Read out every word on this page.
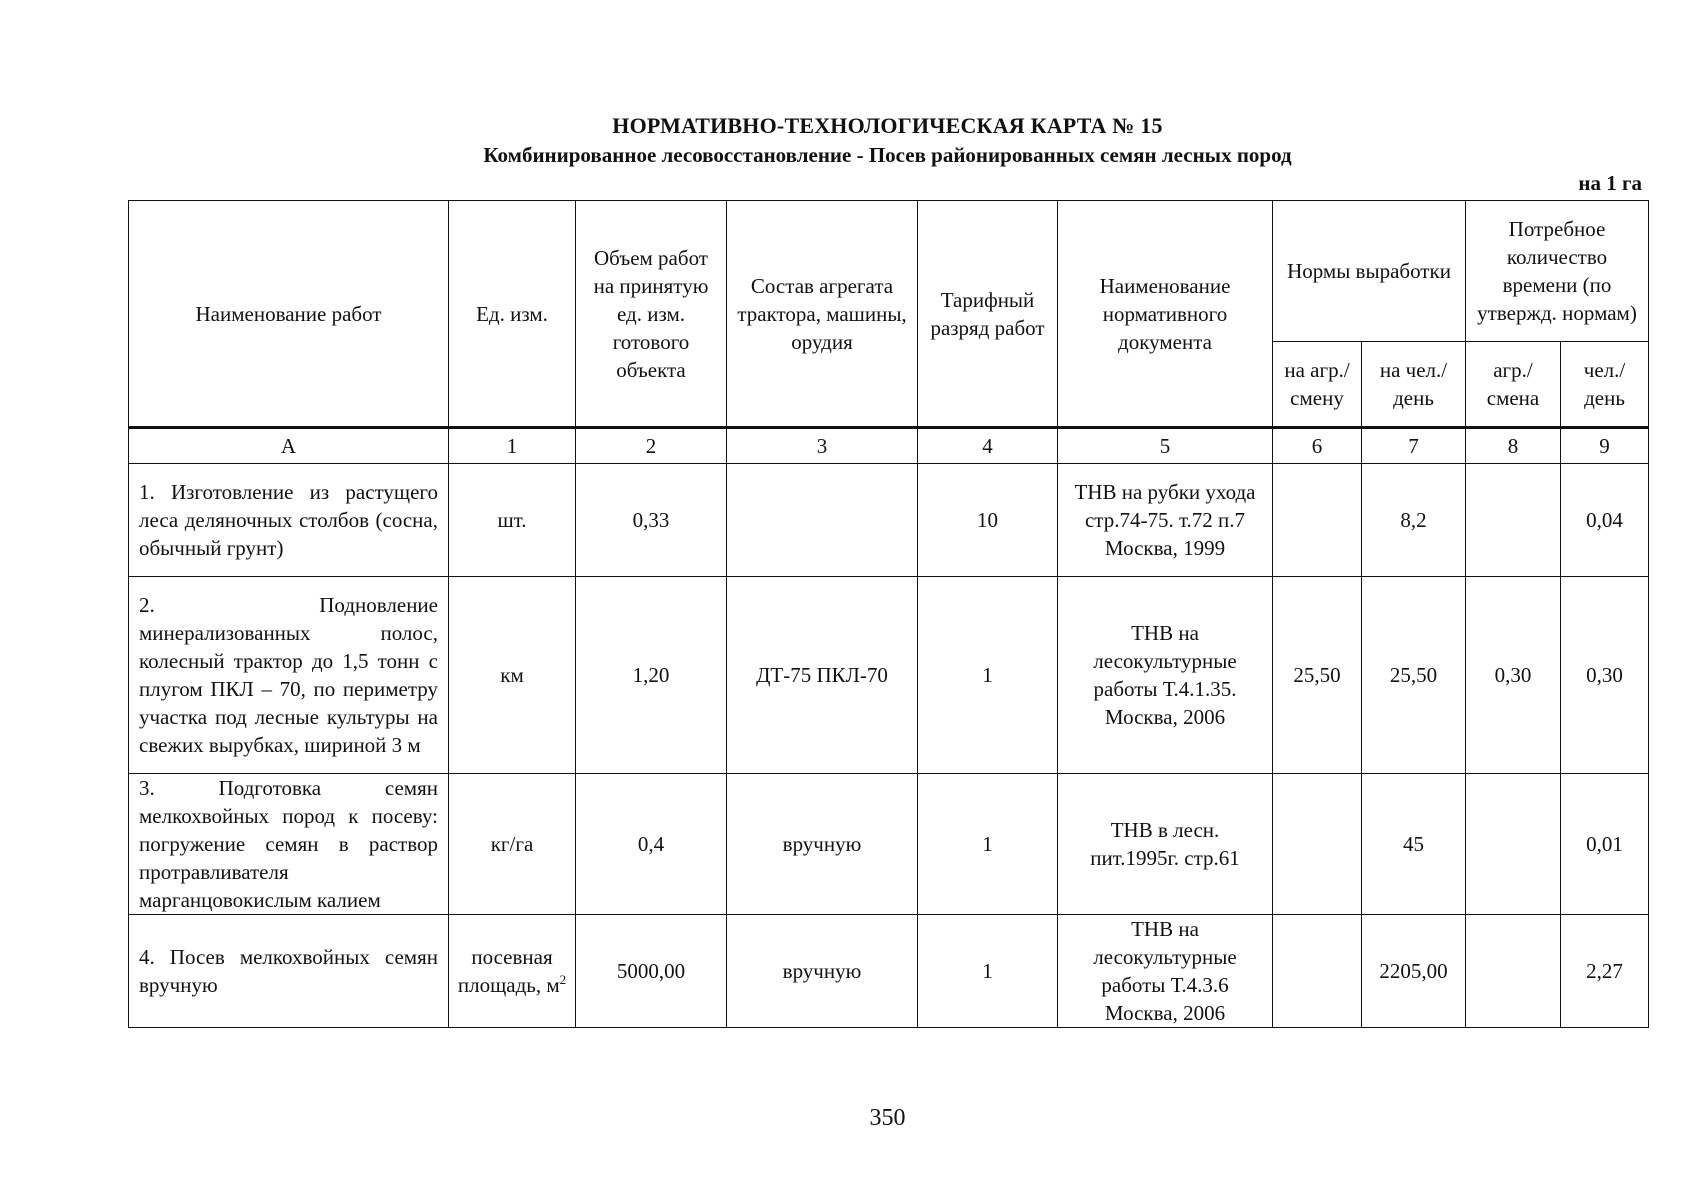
НОРМАТИВНО-ТЕХНОЛОГИЧЕСКАЯ КАРТА № 15
Комбинированное лесовосстановление - Посев районированных семян лесных пород
на 1 га
Наименование работ	Ед. изм.	Объем работ на принятую ед. изм. готового объекта	Состав агрегата трактора, машины, орудия	Тарифный разряд работ	Наименование нормативного документа	Нормы выработки		Потребное количество времени (по утвержд. нормам)	
						на агр./ смену	на чел./ день	агр./ смена	чел./ день
А	1	2	3	4	5	6	7	8	9
1. Изготовление из растущего леса деляночных столбов (сосна, обычный грунт)	шт.	0,33		10	ТНВ на рубки ухода стр.74-75. т.72 п.7 Москва, 1999		8,2		0,04
2. Подновление минерализованных полос, колесный трактор до 1,5 тонн с плугом ПКЛ – 70, по периметру участка под лесные культуры на свежих вырубках, шириной 3 м	км	1,20	ДТ-75 ПКЛ-70	1	ТНВ на лесокультурные работы Т.4.1.35. Москва, 2006	25,50	25,50	0,30	0,30
3. Подготовка семян мелкохвойных пород к посеву: погружение семян в раствор протравливателя марганцовокислым калием	кг/га	0,4	вручную	1	ТНВ в лесн. пит.1995г. стр.61		45		0,01
4. Посев мелкохвойных семян вручную	посевная площадь, $м^2$	5000,00	вручную	1	ТНВ на лесокультурные работы Т.4.3.6 Москва, 2006		2205,00		2,27
350
